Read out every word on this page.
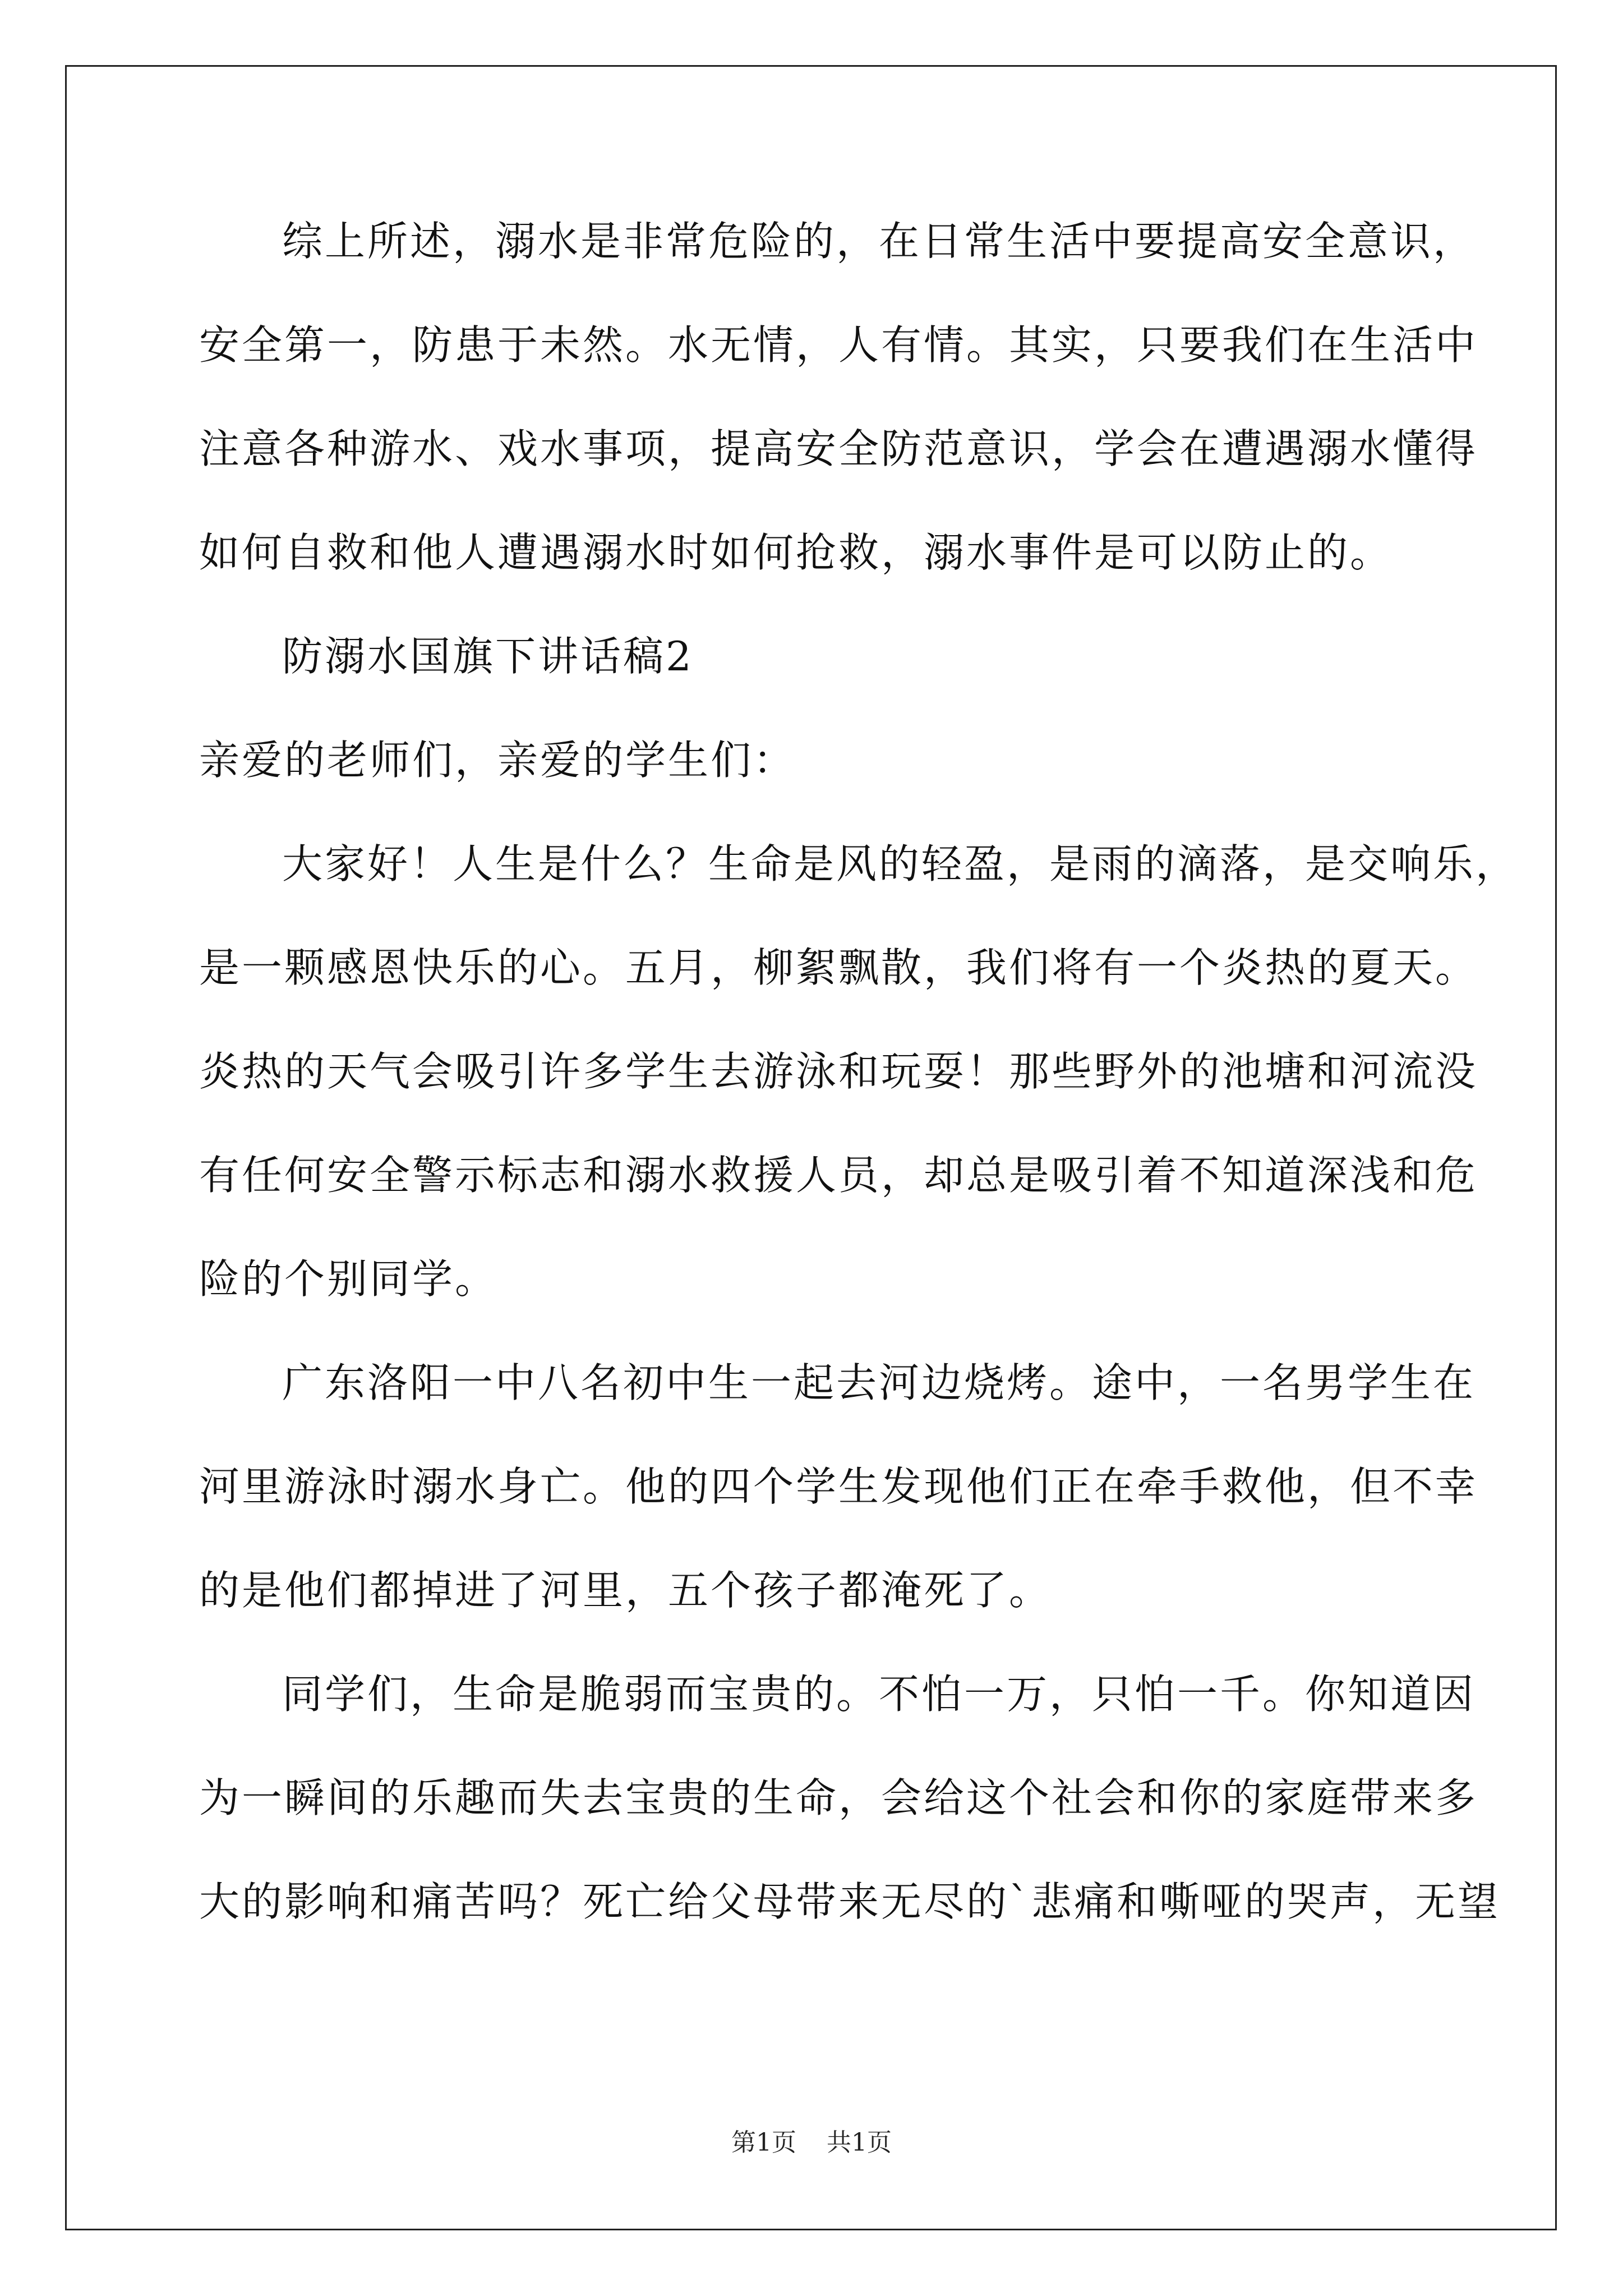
综上所述，溺水是非常危险的，在日常生活中要提高安全意识，
安全第一，防患于未然。水无情，人有情。其实，只要我们在生活中
注意各种游水、戏水事项，提高安全防范意识，学会在遭遇溺水懂得
如何自救和他人遭遇溺水时如何抢救，溺水事件是可以防止的。
防溺水国旗下讲话稿2
亲爱的老师们，亲爱的学生们：
大家好！人生是什么？生命是风的轻盈，是雨的滴落，是交响乐，
是一颗感恩快乐的心。五月，柳絮飘散，我们将有一个炎热的夏天。
炎热的天气会吸引许多学生去游泳和玩耍！那些野外的池塘和河流没
有任何安全警示标志和溺水救援人员，却总是吸引着不知道深浅和危
险的个别同学。
广东洛阳一中八名初中生一起去河边烧烤。途中，一名男学生在
河里游泳时溺水身亡。他的四个学生发现他们正在牵手救他，但不幸
的是他们都掉进了河里，五个孩子都淹死了。
同学们，生命是脆弱而宝贵的。不怕一万，只怕一千。你知道因
为一瞬间的乐趣而失去宝贵的生命，会给这个社会和你的家庭带来多
大的影响和痛苦吗？死亡给父母带来无尽的`悲痛和嘶哑的哭声，无望
第1页 共1页
